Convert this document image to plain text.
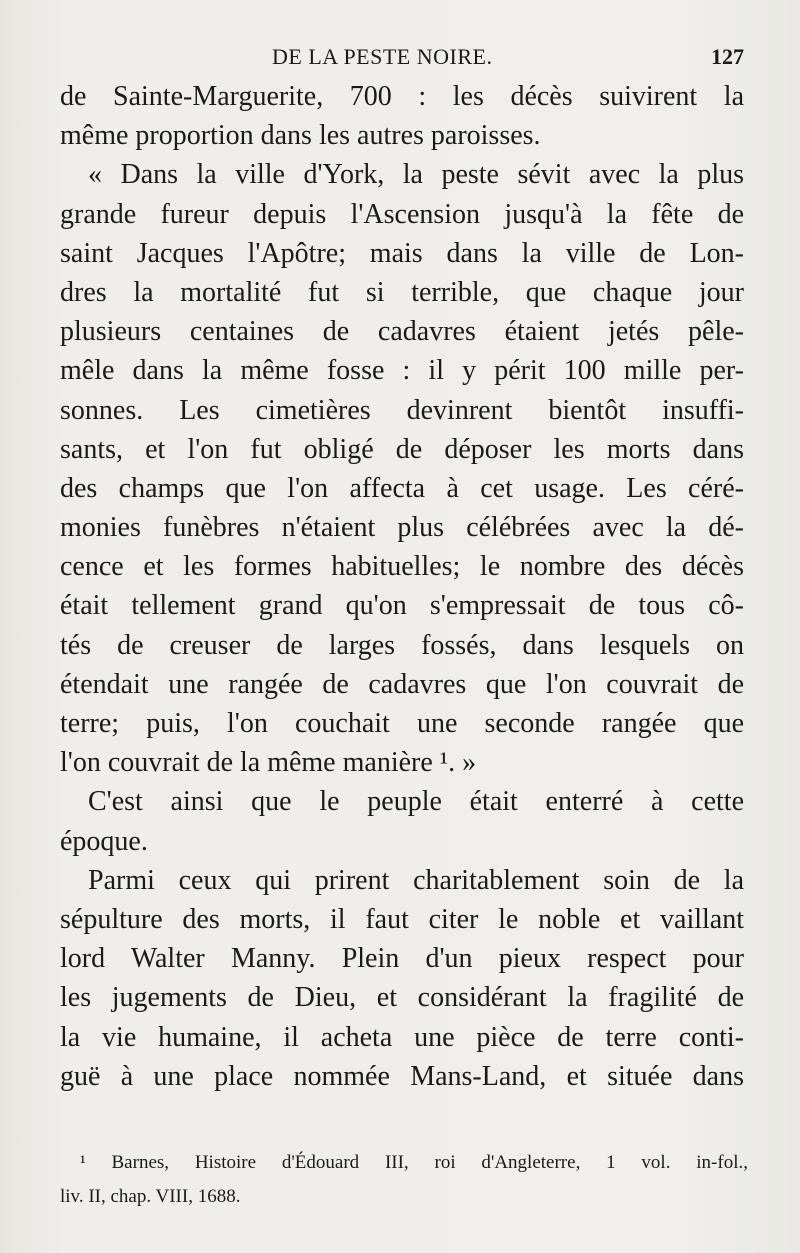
DE LA PESTE NOIRE.	127
de Sainte-Marguerite, 700 : les décès suivirent la
même proportion dans les autres paroisses.
« Dans la ville d'York, la peste sévit avec la plus
grande fureur depuis l'Ascension jusqu'à la fête de
saint Jacques l'Apôtre; mais dans la ville de Lon-
dres la mortalité fut si terrible, que chaque jour
plusieurs centaines de cadavres étaient jetés pêle-
mêle dans la même fosse : il y périt 100 mille per-
sonnes. Les cimetières devinrent bientôt insuffi-
sants, et l'on fut obligé de déposer les morts dans
des champs que l'on affecta à cet usage. Les céré-
monies funèbres n'étaient plus célébrées avec la dé-
cence et les formes habituelles; le nombre des décès
était tellement grand qu'on s'empressait de tous cô-
tés de creuser de larges fossés, dans lesquels on
étendait une rangée de cadavres que l'on couvrait de
terre; puis, l'on couchait une seconde rangée que
l'on couvrait de la même manière ¹. »
C'est ainsi que le peuple était enterré à cette
époque.
Parmi ceux qui prirent charitablement soin de la
sépulture des morts, il faut citer le noble et vaillant
lord Walter Manny. Plein d'un pieux respect pour
les jugements de Dieu, et considérant la fragilité de
la vie humaine, il acheta une pièce de terre conti-
guë à une place nommée Mans-Land, et située dans
¹ Barnes, Histoire d'Édouard III, roi d'Angleterre, 1 vol. in-fol.,
liv. II, chap. VIII, 1688.
